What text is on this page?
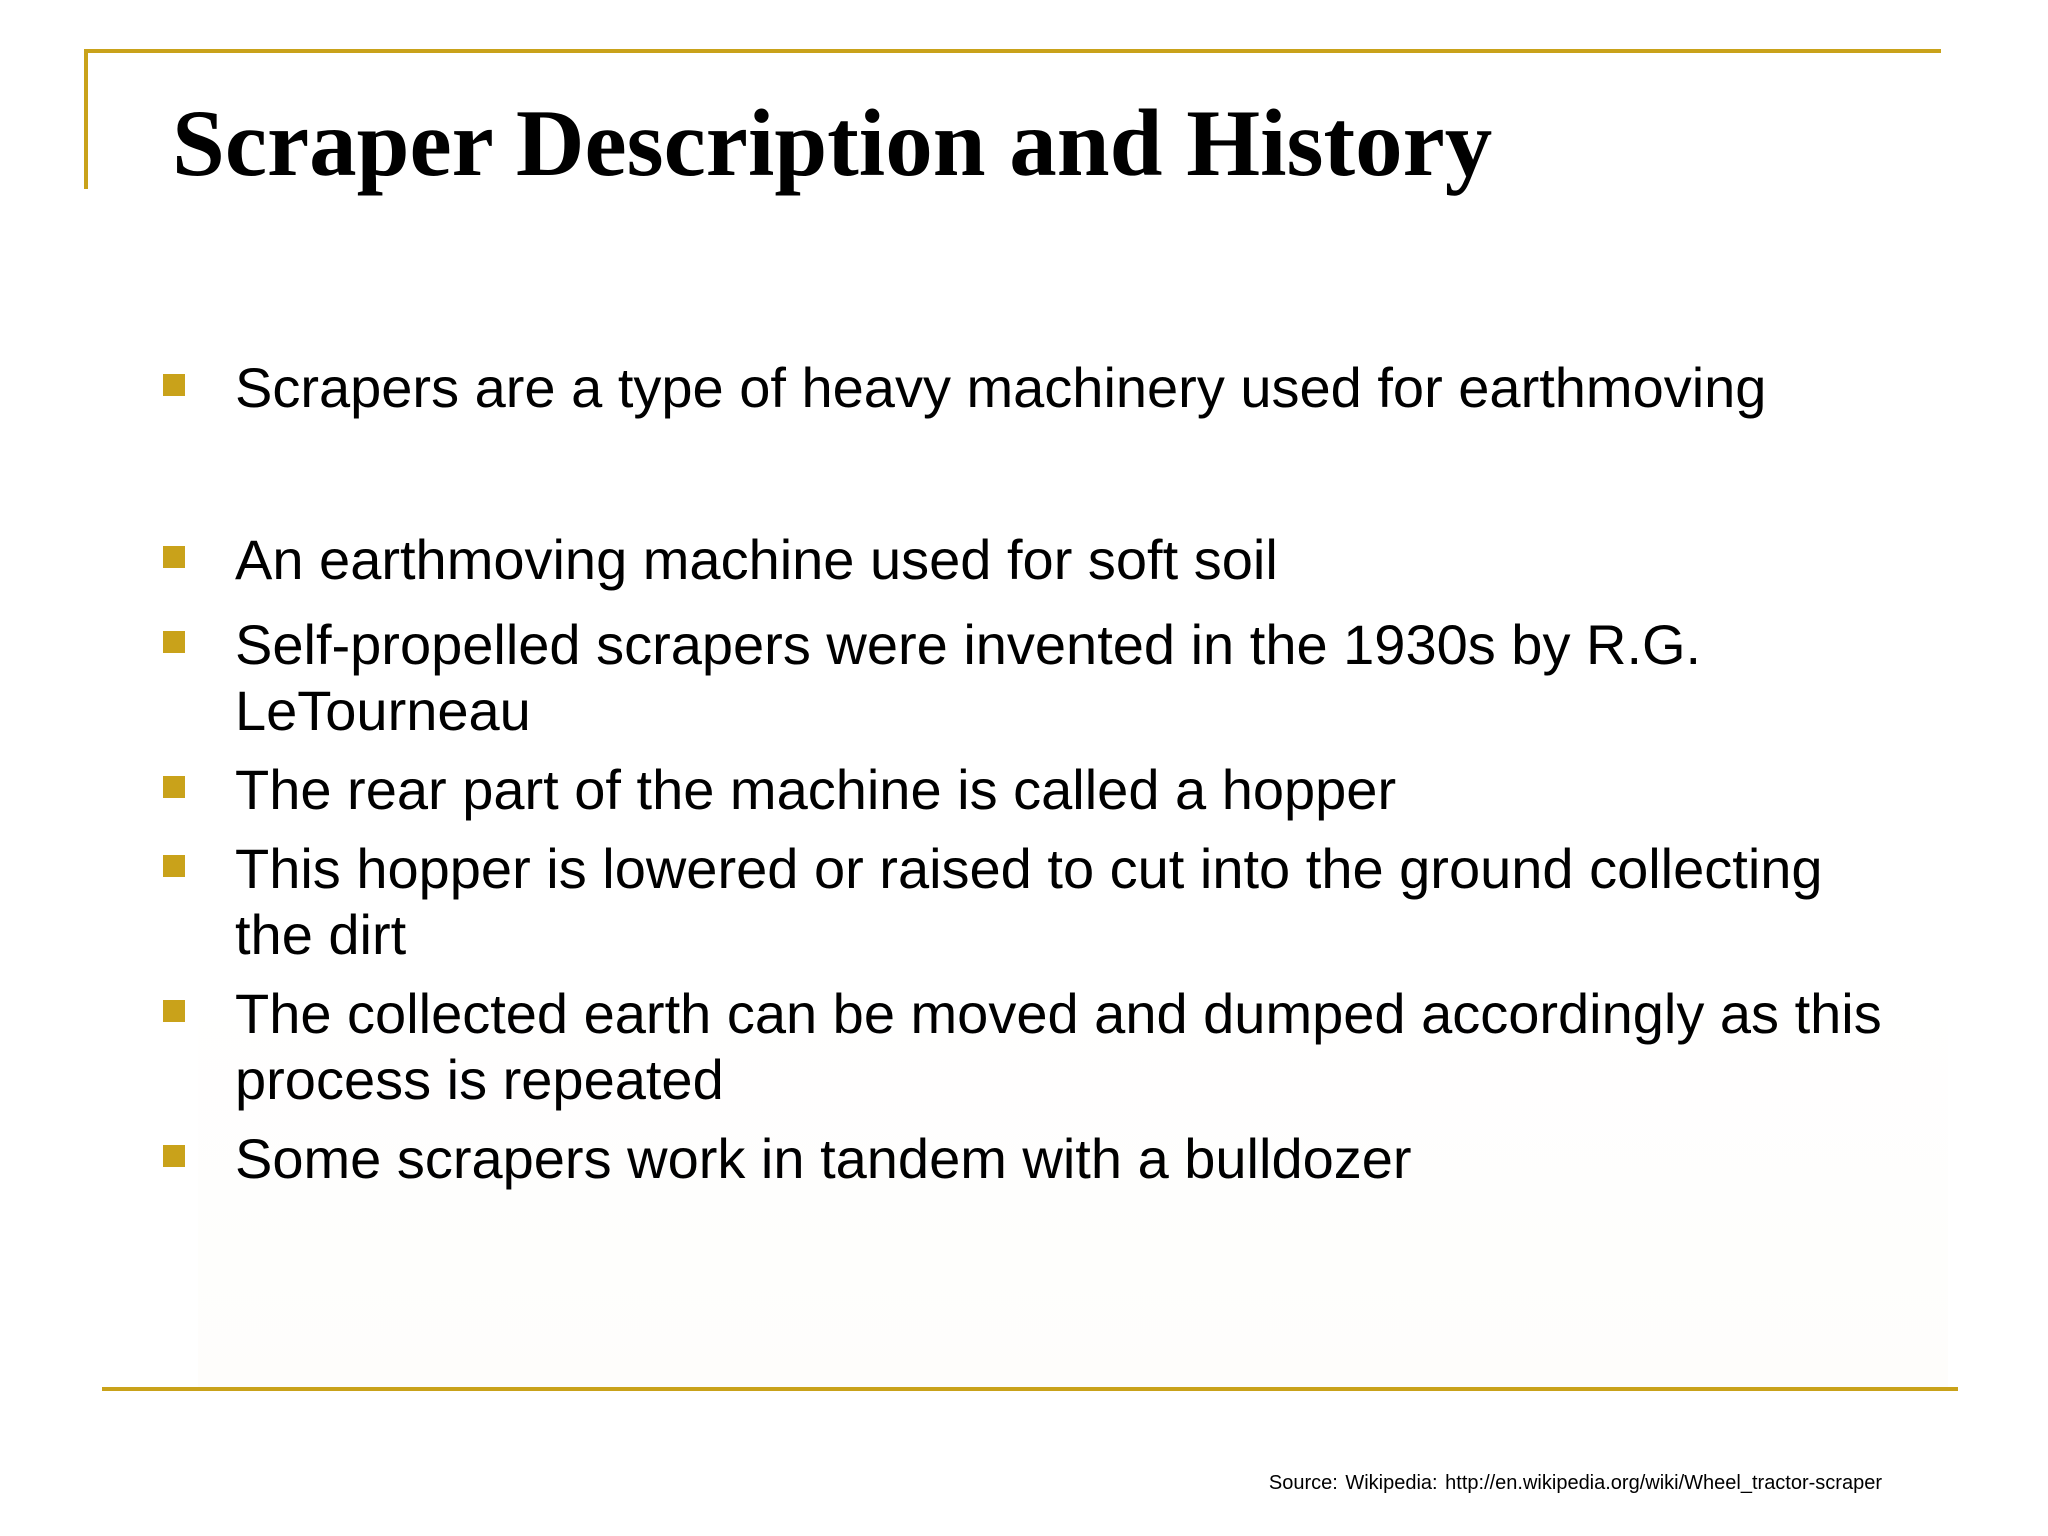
Scraper Description and History
Scrapers are a type of heavy machinery used for earthmoving
An earthmoving machine used for soft soil
Self-propelled scrapers were invented in the 1930s by R.G. LeTourneau
The rear part of the machine is called a hopper
This hopper is lowered or raised to cut into the ground collecting the dirt
The collected earth can be moved and dumped accordingly as this process is repeated
Some scrapers work in tandem with a bulldozer
Source: Wikipedia: http://en.wikipedia.org/wiki/Wheel_tractor-scraper
